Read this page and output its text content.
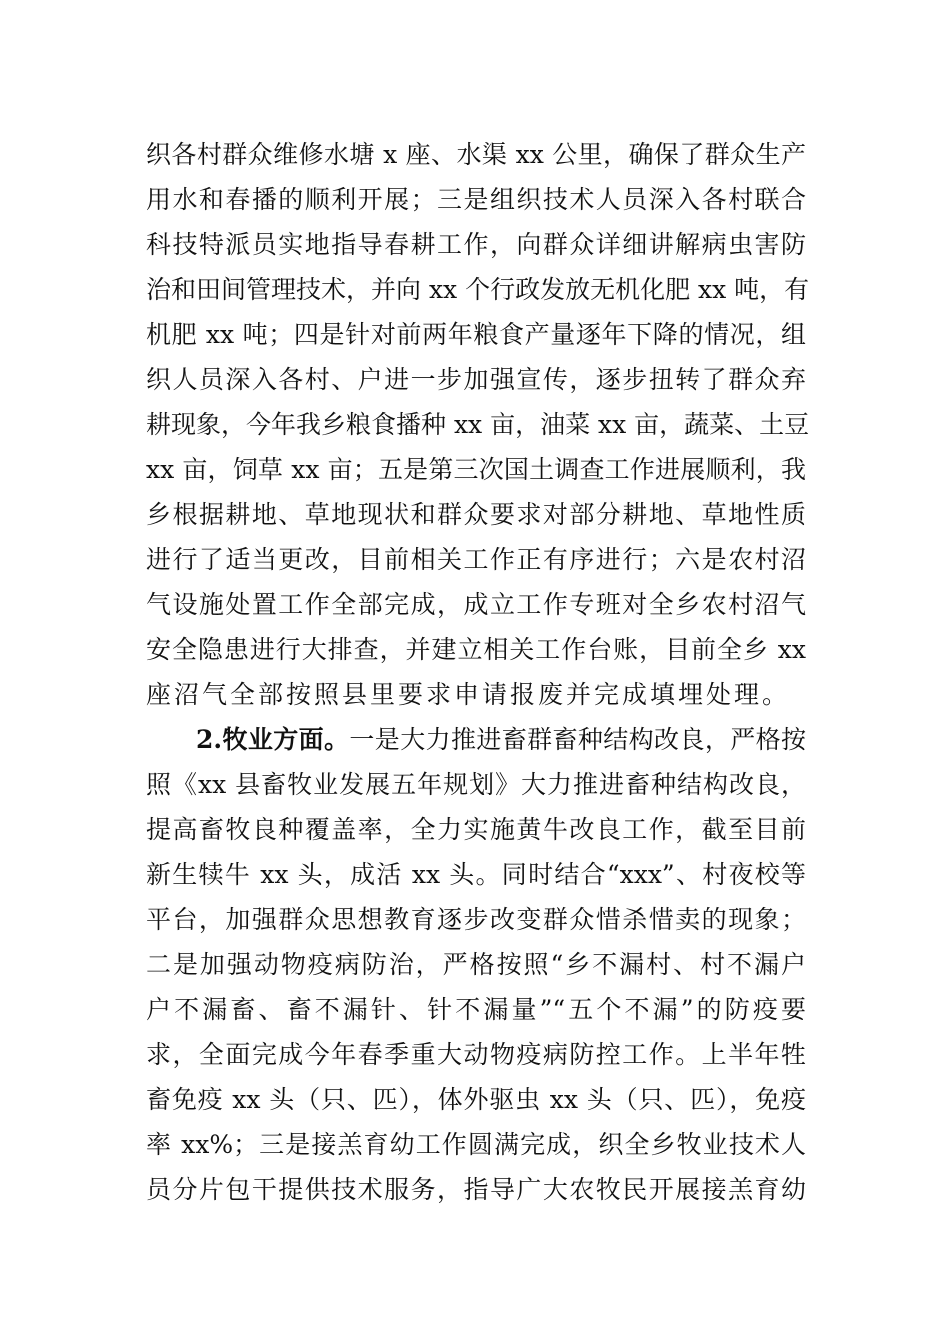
织各村群众维修水塘 x 座、水渠 xx 公里，确保了群众生产
用水和春播的顺利开展；三是组织技术人员深入各村联合
科技特派员实地指导春耕工作，向群众详细讲解病虫害防
治和田间管理技术，并向 xx 个行政发放无机化肥 xx 吨，有
机肥 xx 吨；四是针对前两年粮食产量逐年下降的情况，组
织人员深入各村、户进一步加强宣传，逐步扭转了群众弃
耕现象，今年我乡粮食播种 xx 亩，油菜 xx 亩，蔬菜、土豆
xx 亩，饲草 xx 亩；五是第三次国土调查工作进展顺利，我
乡根据耕地、草地现状和群众要求对部分耕地、草地性质
进行了适当更改，目前相关工作正有序进行；六是农村沼
气设施处置工作全部完成，成立工作专班对全乡农村沼气
安全隐患进行大排查，并建立相关工作台账，目前全乡 xx
座沼气全部按照县里要求申请报废并完成填埋处理。
2.牧业方面。一是大力推进畜群畜种结构改良，严格按
照《xx 县畜牧业发展五年规划》大力推进畜种结构改良，
提高畜牧良种覆盖率，全力实施黄牛改良工作，截至目前
新生犊牛 xx 头，成活 xx 头。同时结合“xxx”、村夜校等
平台，加强群众思想教育逐步改变群众惜杀惜卖的现象；
二是加强动物疫病防治，严格按照“乡不漏村、村不漏户
户不漏畜、畜不漏针、针不漏量”“五个不漏”的防疫要
求，全面完成今年春季重大动物疫病防控工作。上半年牲
畜免疫 xx 头（只、匹），体外驱虫 xx 头（只、匹），免疫
率 xx%；三是接羔育幼工作圆满完成，织全乡牧业技术人
员分片包干提供技术服务，指导广大农牧民开展接羔育幼
